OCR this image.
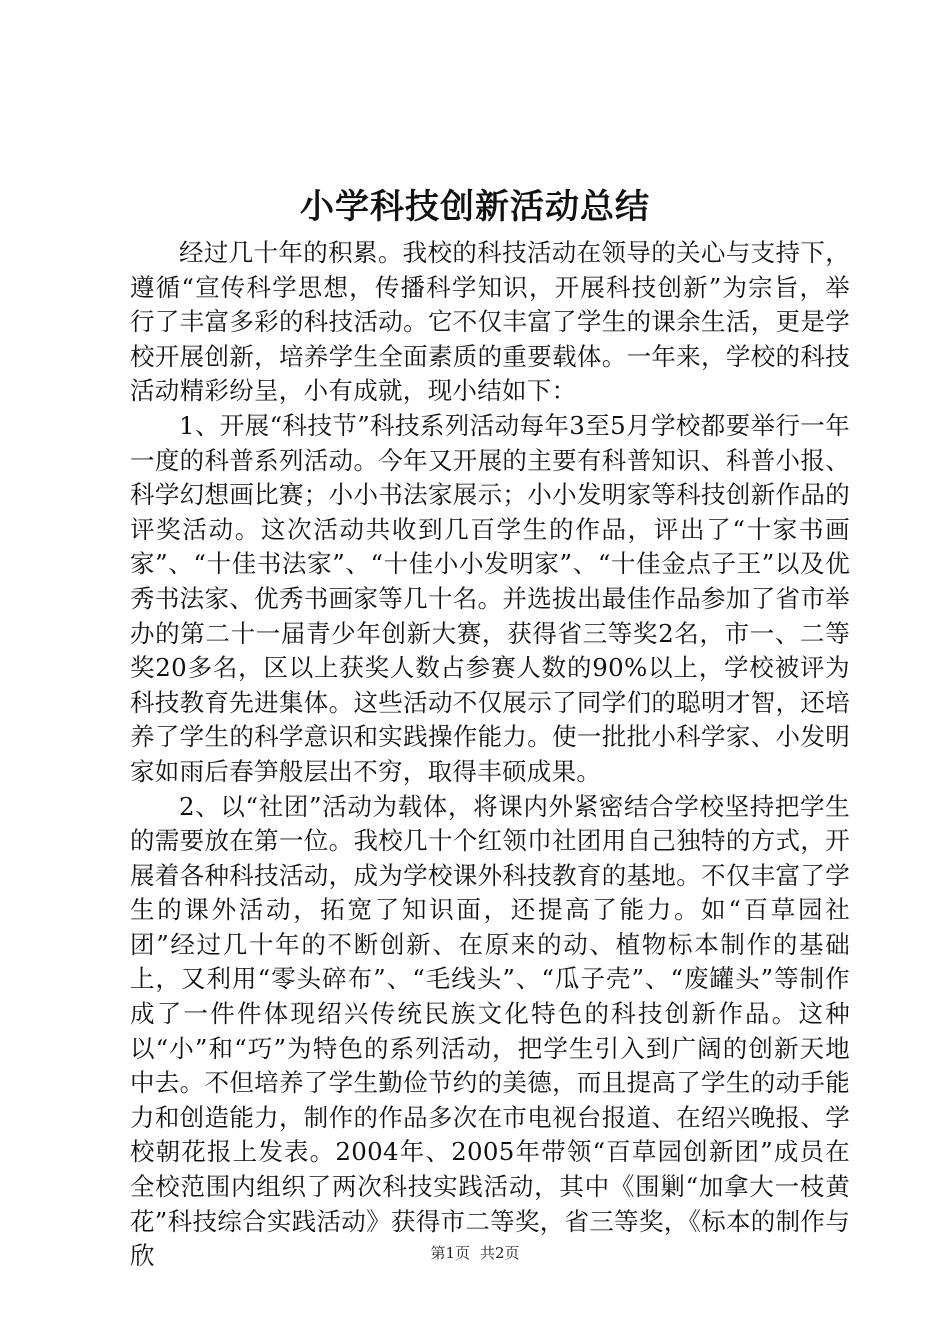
小学科技创新活动总结

经过几十年的积累。我校的科技活动在领导的关心与支持下，遵循“宣传科学思想，传播科学知识，开展科技创新”为宗旨，举行了丰富多彩的科技活动。它不仅丰富了学生的课余生活，更是学校开展创新，培养学生全面素质的重要载体。一年来，学校的科技活动精彩纷呈，小有成就，现小结如下：

1、开展“科技节”科技系列活动每年3至5月学校都要举行一年一度的科普系列活动。今年又开展的主要有科普知识、科普小报、科学幻想画比赛；小小书法家展示；小小发明家等科技创新作品的评奖活动。这次活动共收到几百学生的作品，评出了“十家书画家”、“十佳书法家”、“十佳小小发明家”、“十佳金点子王”以及优秀书法家、优秀书画家等几十名。并选拔出最佳作品参加了省市举办的第二十一届青少年创新大赛，获得省三等奖2名，市一、二等奖20多名，区以上获奖人数占参赛人数的90%以上，学校被评为科技教育先进集体。这些活动不仅展示了同学们的聪明才智，还培养了学生的科学意识和实践操作能力。使一批批小科学家、小发明家如雨后春笋般层出不穷，取得丰硕成果。

2、以“社团”活动为载体，将课内外紧密结合学校坚持把学生的需要放在第一位。我校几十个红领巾社团用自己独特的方式，开展着各种科技活动，成为学校课外科技教育的基地。不仅丰富了学生的课外活动，拓宽了知识面，还提高了能力。如“百草园社团”经过几十年的不断创新、在原来的动、植物标本制作的基础上，又利用“零头碎布”、“毛线头”、“瓜子壳”、“废罐头”等制作成了一件件体现绍兴传统民族文化特色的科技创新作品。这种以“小”和“巧”为特色的系列活动，把学生引入到广阔的创新天地中去。不但培养了学生勤俭节约的美德，而且提高了学生的动手能力和创造能力，制作的作品多次在市电视台报道、在绍兴晚报、学校朝花报上发表。2004年、2005年带领“百草园创新团”成员在全校范围内组织了两次科技实践活动，其中《围剿“加拿大一枝黄花”科技综合实践活动》获得市二等奖，省三等奖，《标本的制作与欣	第1页 共2页
